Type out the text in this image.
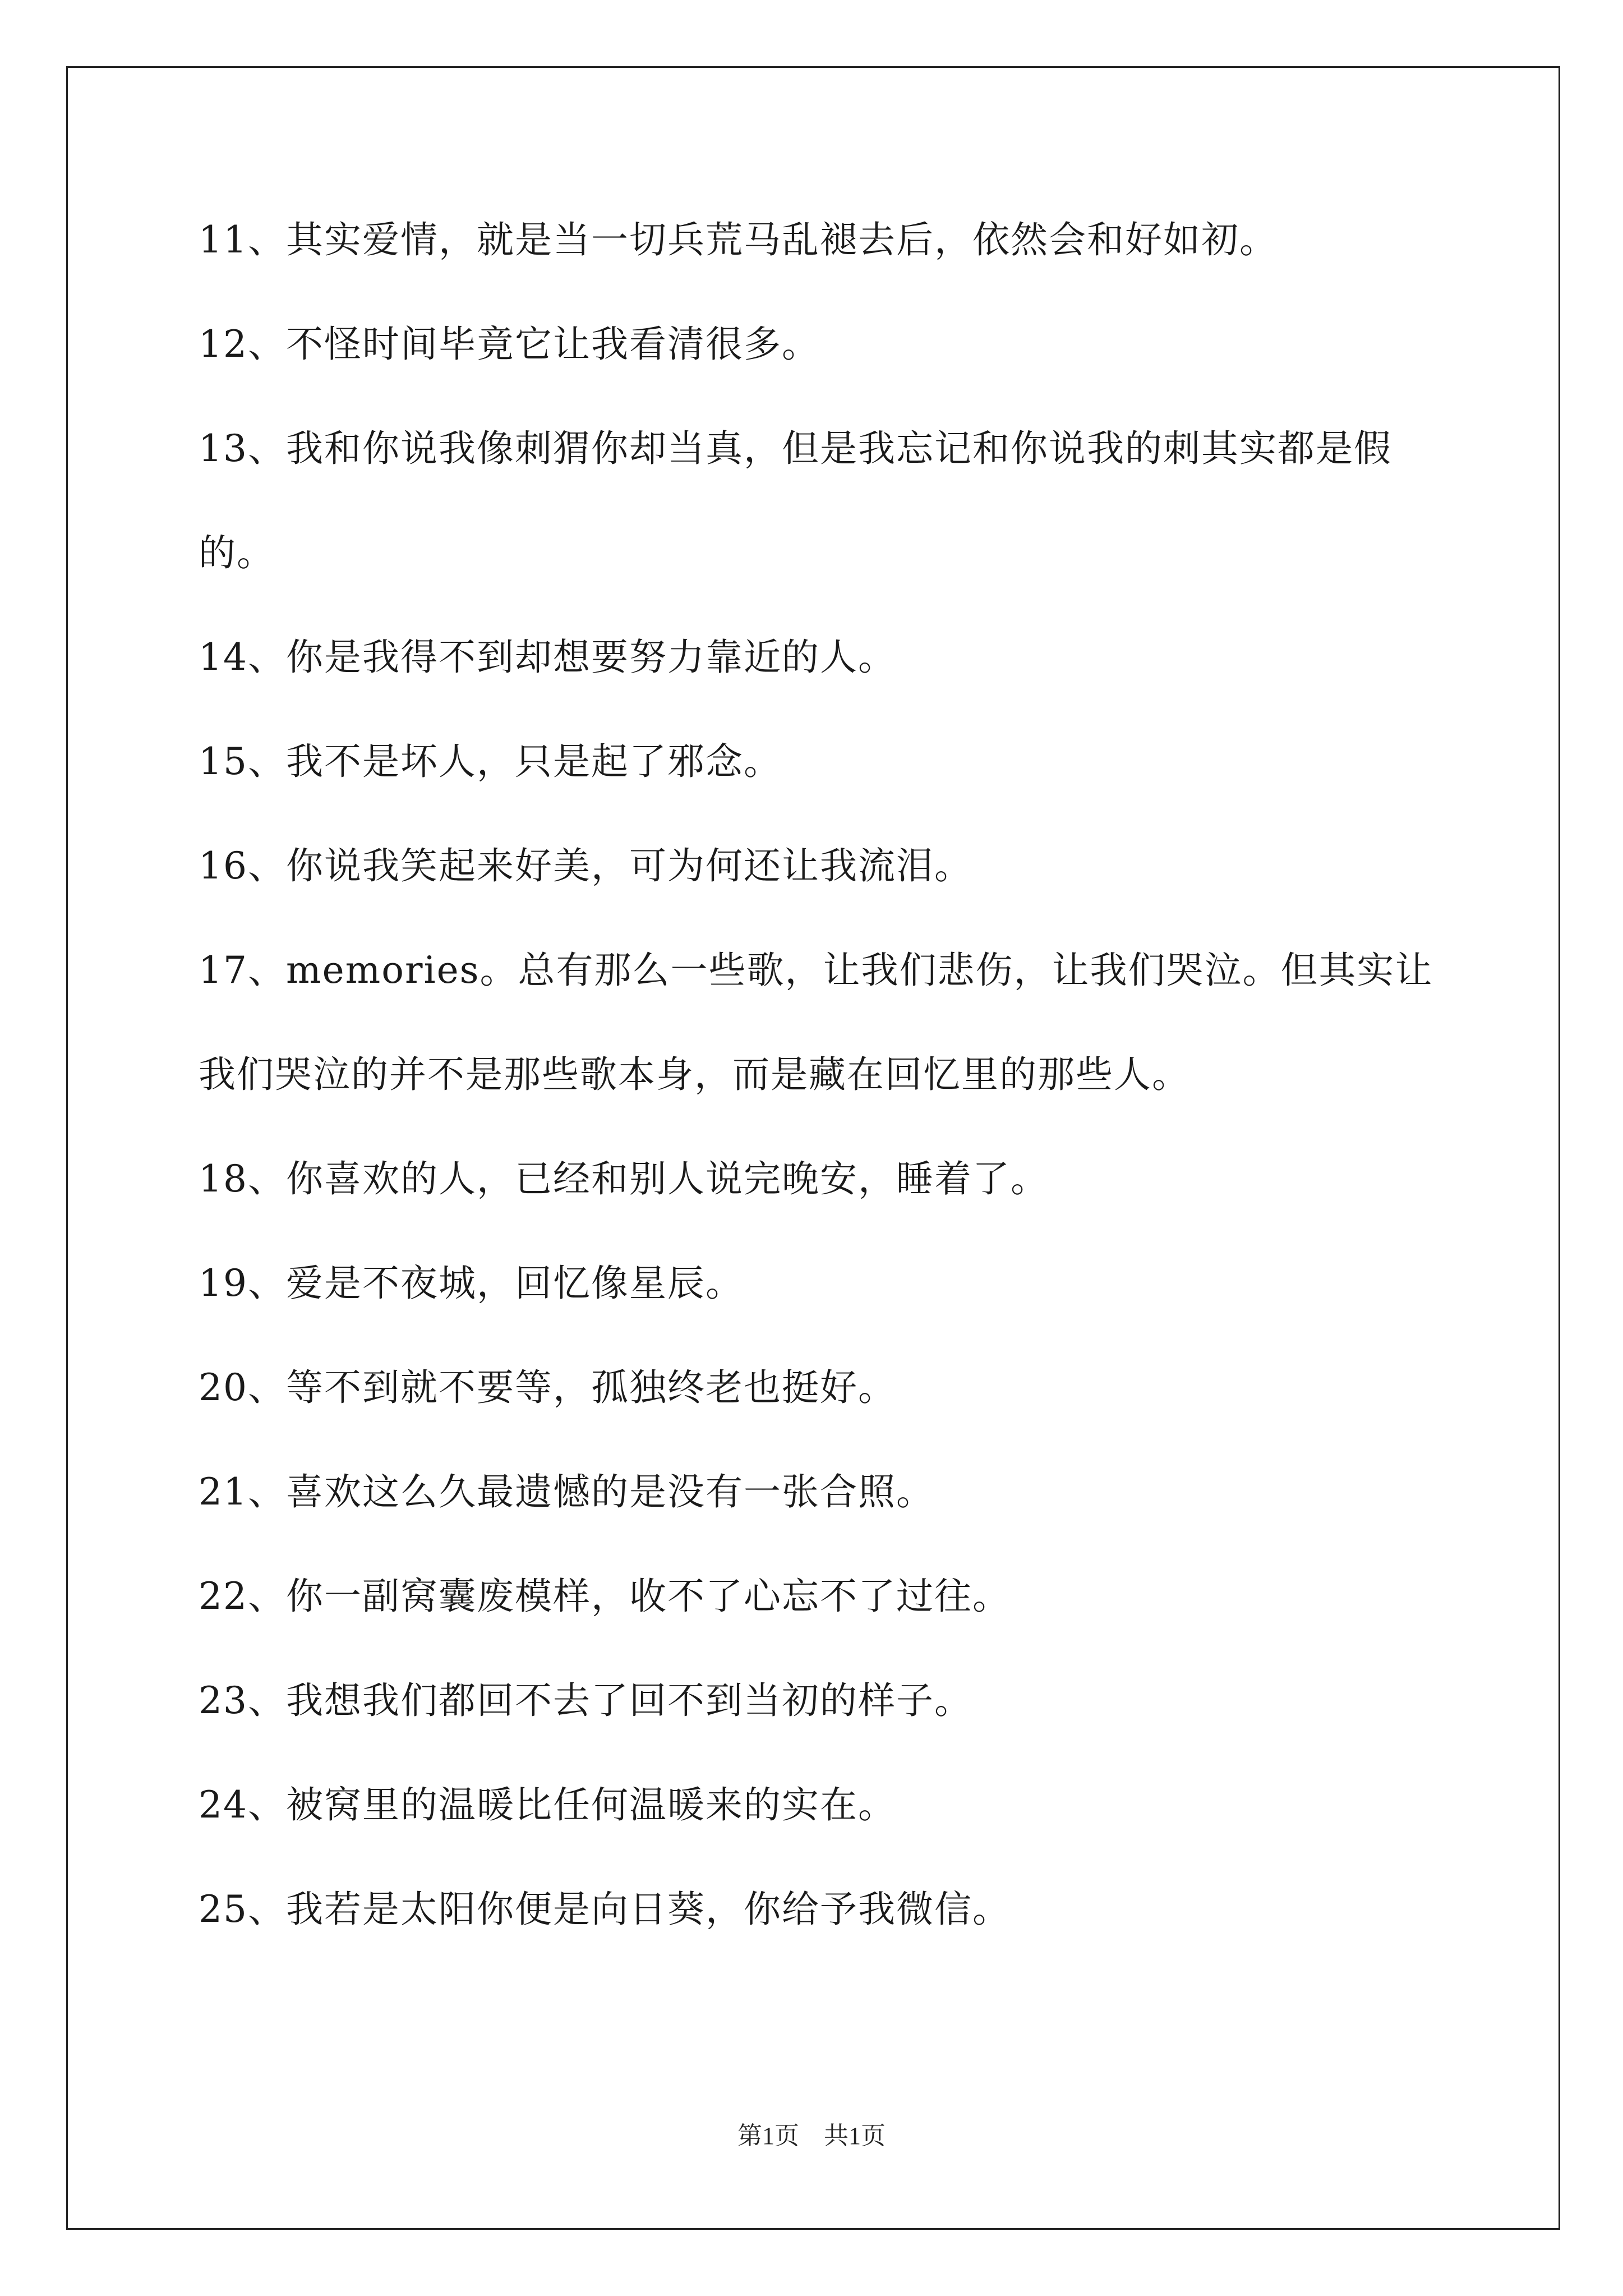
11、其实爱情，就是当一切兵荒马乱褪去后，依然会和好如初。

12、不怪时间毕竟它让我看清很多。

13、我和你说我像刺猬你却当真，但是我忘记和你说我的刺其实都是假的。

14、你是我得不到却想要努力靠近的人。

15、我不是坏人，只是起了邪念。

16、你说我笑起来好美，可为何还让我流泪。

17、memories。总有那么一些歌，让我们悲伤，让我们哭泣。但其实让我们哭泣的并不是那些歌本身，而是藏在回忆里的那些人。

18、你喜欢的人，已经和别人说完晚安，睡着了。

19、爱是不夜城，回忆像星辰。

20、等不到就不要等，孤独终老也挺好。

21、喜欢这么久最遗憾的是没有一张合照。

22、你一副窝囊废模样，收不了心忘不了过往。

23、我想我们都回不去了回不到当初的样子。

24、被窝里的温暖比任何温暖来的实在。

25、我若是太阳你便是向日葵，你给予我微信。

第1页 共1页
